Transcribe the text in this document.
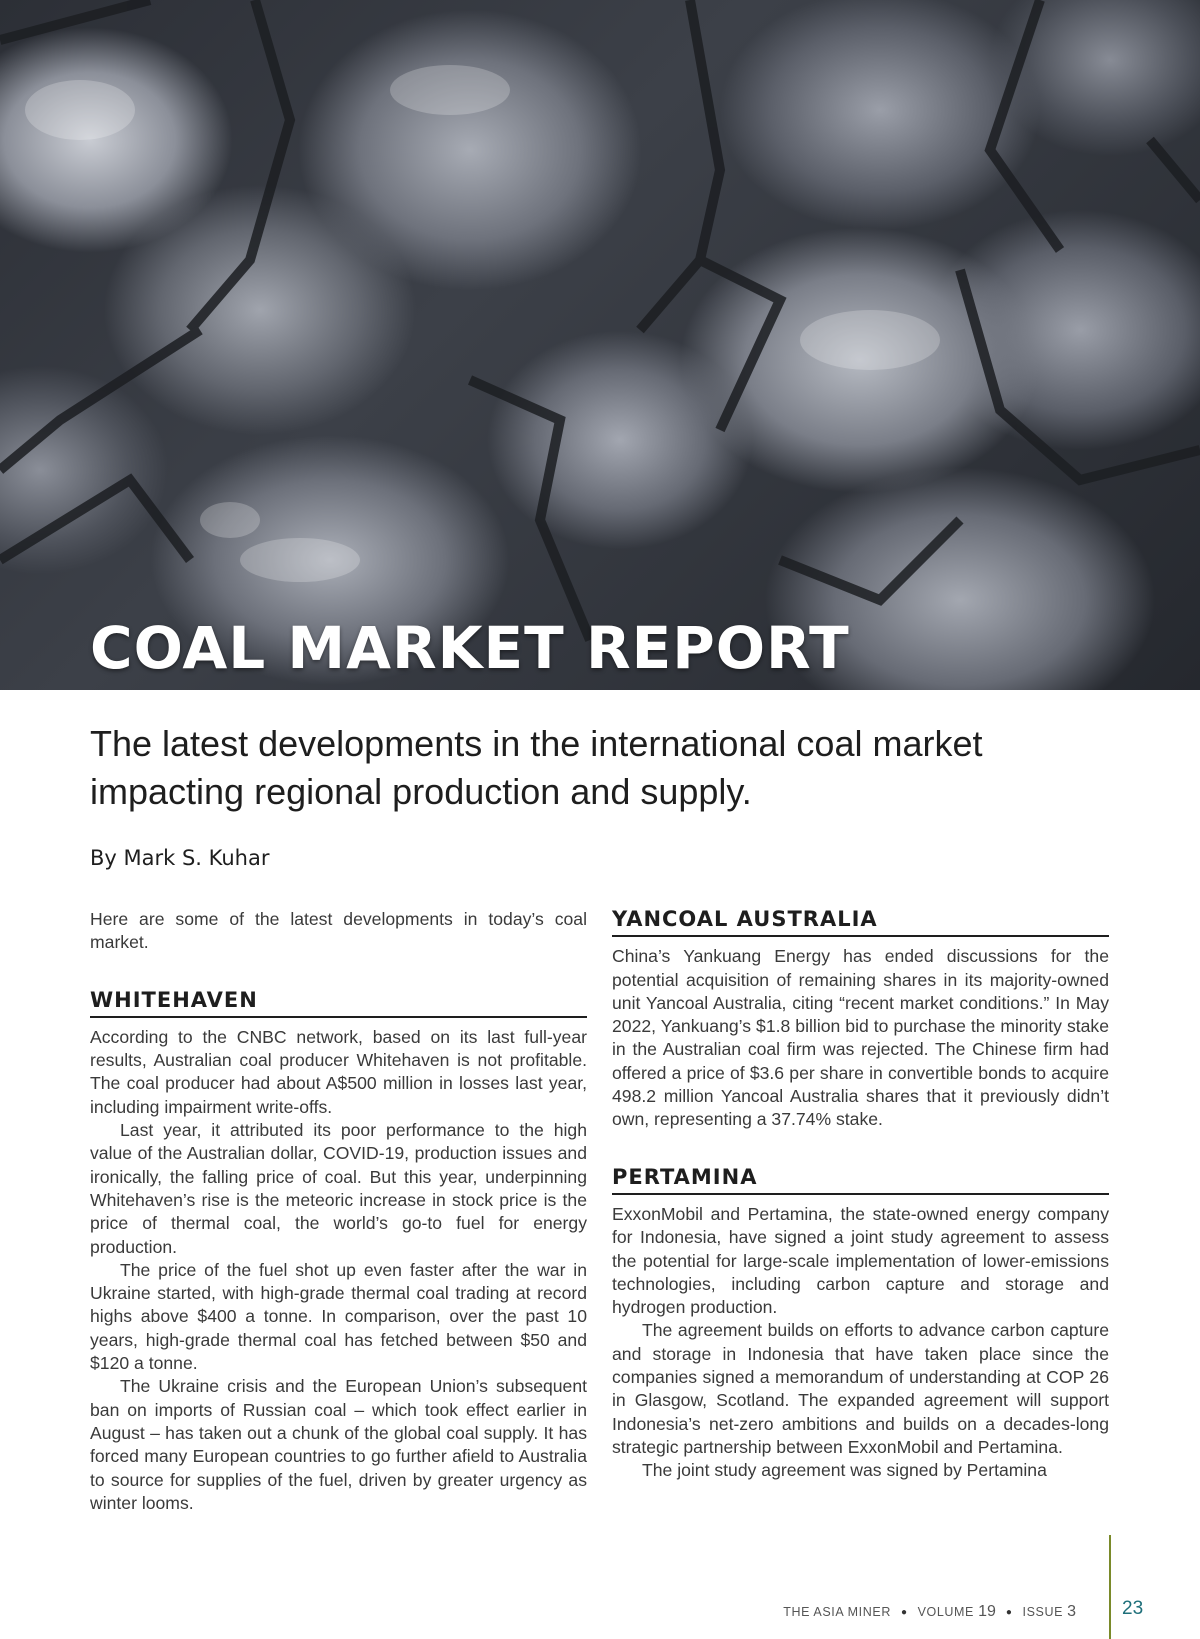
COAL MARKET REPORT
The latest developments in the international coal market impacting regional production and supply.
By Mark S. Kuhar

Here are some of the latest developments in today’s coal market.

WHITEHAVEN

According to the CNBC network, based on its last full-year results, Australian coal producer Whitehaven is not profitable. The coal producer had about A$500 million in losses last year, including impairment write-offs.

Last year, it attributed its poor performance to the high value of the Australian dollar, COVID-19, production issues and ironically, the falling price of coal. But this year, underpinning Whitehaven’s rise is the meteoric increase in stock price is the price of thermal coal, the world’s go-to fuel for energy production.

The price of the fuel shot up even faster after the war in Ukraine started, with high-grade thermal coal trading at record highs above $400 a tonne. In comparison, over the past 10 years, high-grade thermal coal has fetched between $50 and $120 a tonne.

The Ukraine crisis and the European Union’s subsequent ban on imports of Russian coal – which took effect earlier in August – has taken out a chunk of the global coal supply. It has forced many European countries to go further afield to Australia to source for supplies of the fuel, driven by greater urgency as winter looms.

YANCOAL AUSTRALIA

China’s Yankuang Energy has ended discussions for the potential acquisition of remaining shares in its majority-owned unit Yancoal Australia, citing “recent market conditions.” In May 2022, Yankuang’s $1.8 billion bid to purchase the minority stake in the Australian coal firm was rejected. The Chinese firm had offered a price of $3.6 per share in convertible bonds to acquire 498.2 million Yancoal Australia shares that it previously didn’t own, representing a 37.74% stake.

PERTAMINA

ExxonMobil and Pertamina, the state-owned energy company for Indonesia, have signed a joint study agreement to assess the potential for large-scale implementation of lower-emissions technologies, including carbon capture and storage and hydrogen production.

The agreement builds on efforts to advance carbon capture and storage in Indonesia that have taken place since the companies signed a memorandum of understanding at COP 26 in Glasgow, Scotland. The expanded agreement will support Indonesia’s net-zero ambitions and builds on a decades-long strategic partnership between ExxonMobil and Pertamina.

The joint study agreement was signed by Pertamina

THE ASIA MINER ● VOLUME 19 ● ISSUE 3 23
